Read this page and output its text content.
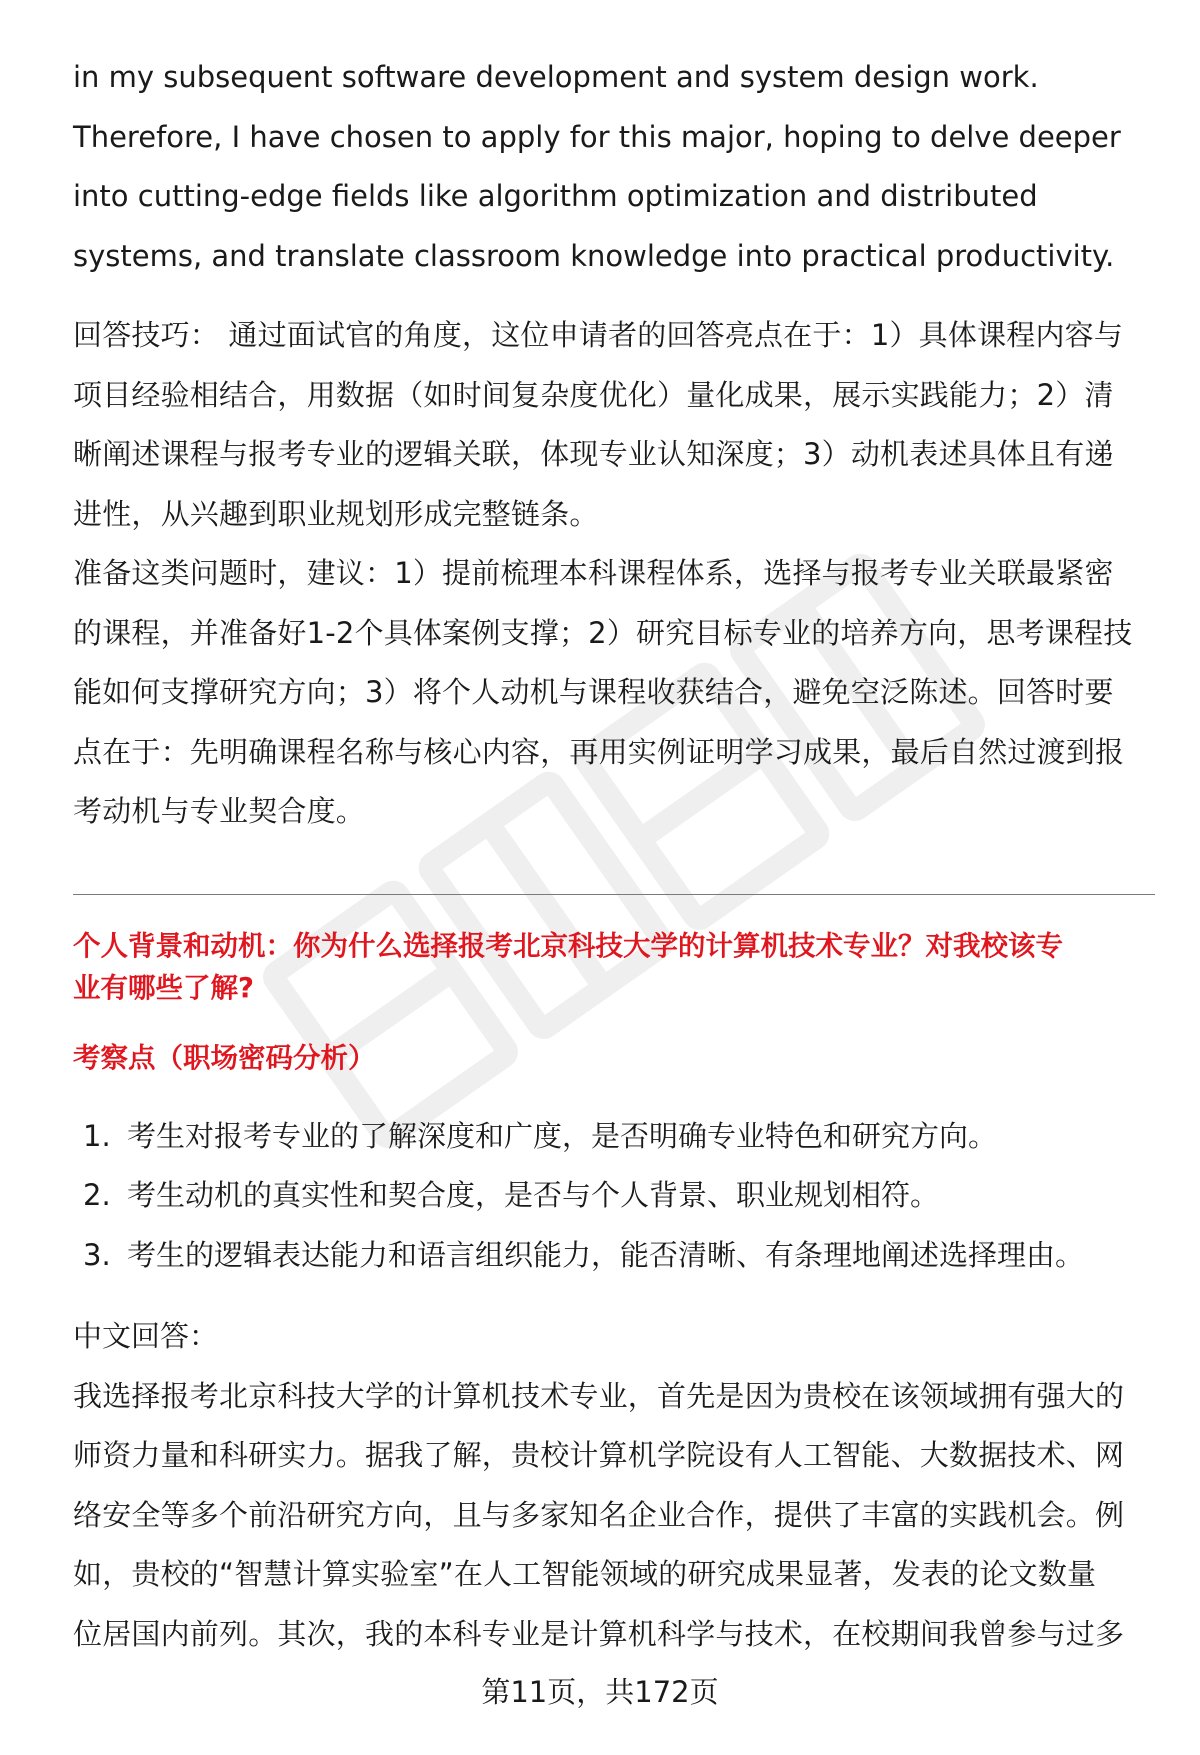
in my subsequent software development and system design work.

Therefore, I have chosen to apply for this major, hoping to delve deeper

into cutting-edge fields like algorithm optimization and distributed

systems, and translate classroom knowledge into practical productivity.

回答技巧： 通过面试官的角度，这位申请者的回答亮点在于：1）具体课程内容与

项目经验相结合，用数据（如时间复杂度优化）量化成果，展示实践能力；2）清

晰阐述课程与报考专业的逻辑关联，体现专业认知深度；3）动机表述具体且有递

进性，从兴趣到职业规划形成完整链条。

准备这类问题时，建议：1）提前梳理本科课程体系，选择与报考专业关联最紧密

的课程，并准备好1-2个具体案例支撑；2）研究目标专业的培养方向，思考课程技

能如何支撑研究方向；3）将个人动机与课程收获结合，避免空泛陈述。回答时要

点在于：先明确课程名称与核心内容，再用实例证明学习成果，最后自然过渡到报

考动机与专业契合度。

个人背景和动机：你为什么选择报考北京科技大学的计算机技术专业？对我校该专
业有哪些了解?
考察点（职场密码分析）
1. 考生对报考专业的了解深度和广度，是否明确专业特色和研究方向。
2. 考生动机的真实性和契合度，是否与个人背景、职业规划相符。
3. 考生的逻辑表达能力和语言组织能力，能否清晰、有条理地阐述选择理由。

中文回答：

我选择报考北京科技大学的计算机技术专业，首先是因为贵校在该领域拥有强大的

师资力量和科研实力。据我了解，贵校计算机学院设有人工智能、大数据技术、网

络安全等多个前沿研究方向，且与多家知名企业合作，提供了丰富的实践机会。例

如，贵校的“智慧计算实验室”在人工智能领域的研究成果显著，发表的论文数量

位居国内前列。其次，我的本科专业是计算机科学与技术，在校期间我曾参与过多

第11页，共172页
